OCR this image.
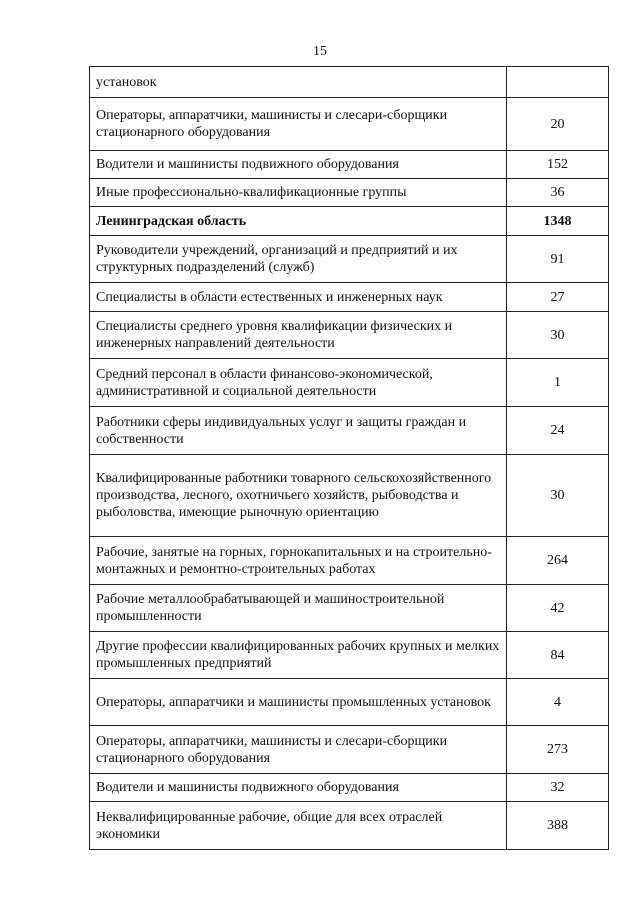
15
установок	
Операторы, аппаратчики, машинисты и слесари-сборщики стационарного оборудования	20
Водители и машинисты подвижного оборудования	152
Иные профессионально-квалификационные группы	36
Ленинградская область	1348
Руководители учреждений, организаций и предприятий и их структурных подразделений (служб)	91
Специалисты в области естественных и инженерных наук	27
Специалисты среднего уровня квалификации физических и инженерных направлений деятельности	30
Средний персонал в области финансово-экономической, административной и социальной деятельности	1
Работники сферы индивидуальных услуг и защиты граждан и собственности	24
Квалифицированные работники товарного сельскохозяйственного производства, лесного, охотничьего хозяйств, рыбоводства и рыболовства, имеющие рыночную ориентацию	30
Рабочие, занятые на горных, горнокапитальных и на строительно-монтажных и ремонтно-строительных работах	264
Рабочие металлообрабатывающей и машиностроительной промышленности	42
Другие профессии квалифицированных рабочих крупных и мелких промышленных предприятий	84
Операторы, аппаратчики и машинисты промышленных установок	4
Операторы, аппаратчики, машинисты и слесари-сборщики стационарного оборудования	273
Водители и машинисты подвижного оборудования	32
Неквалифицированные рабочие, общие для всех отраслей экономики	388
